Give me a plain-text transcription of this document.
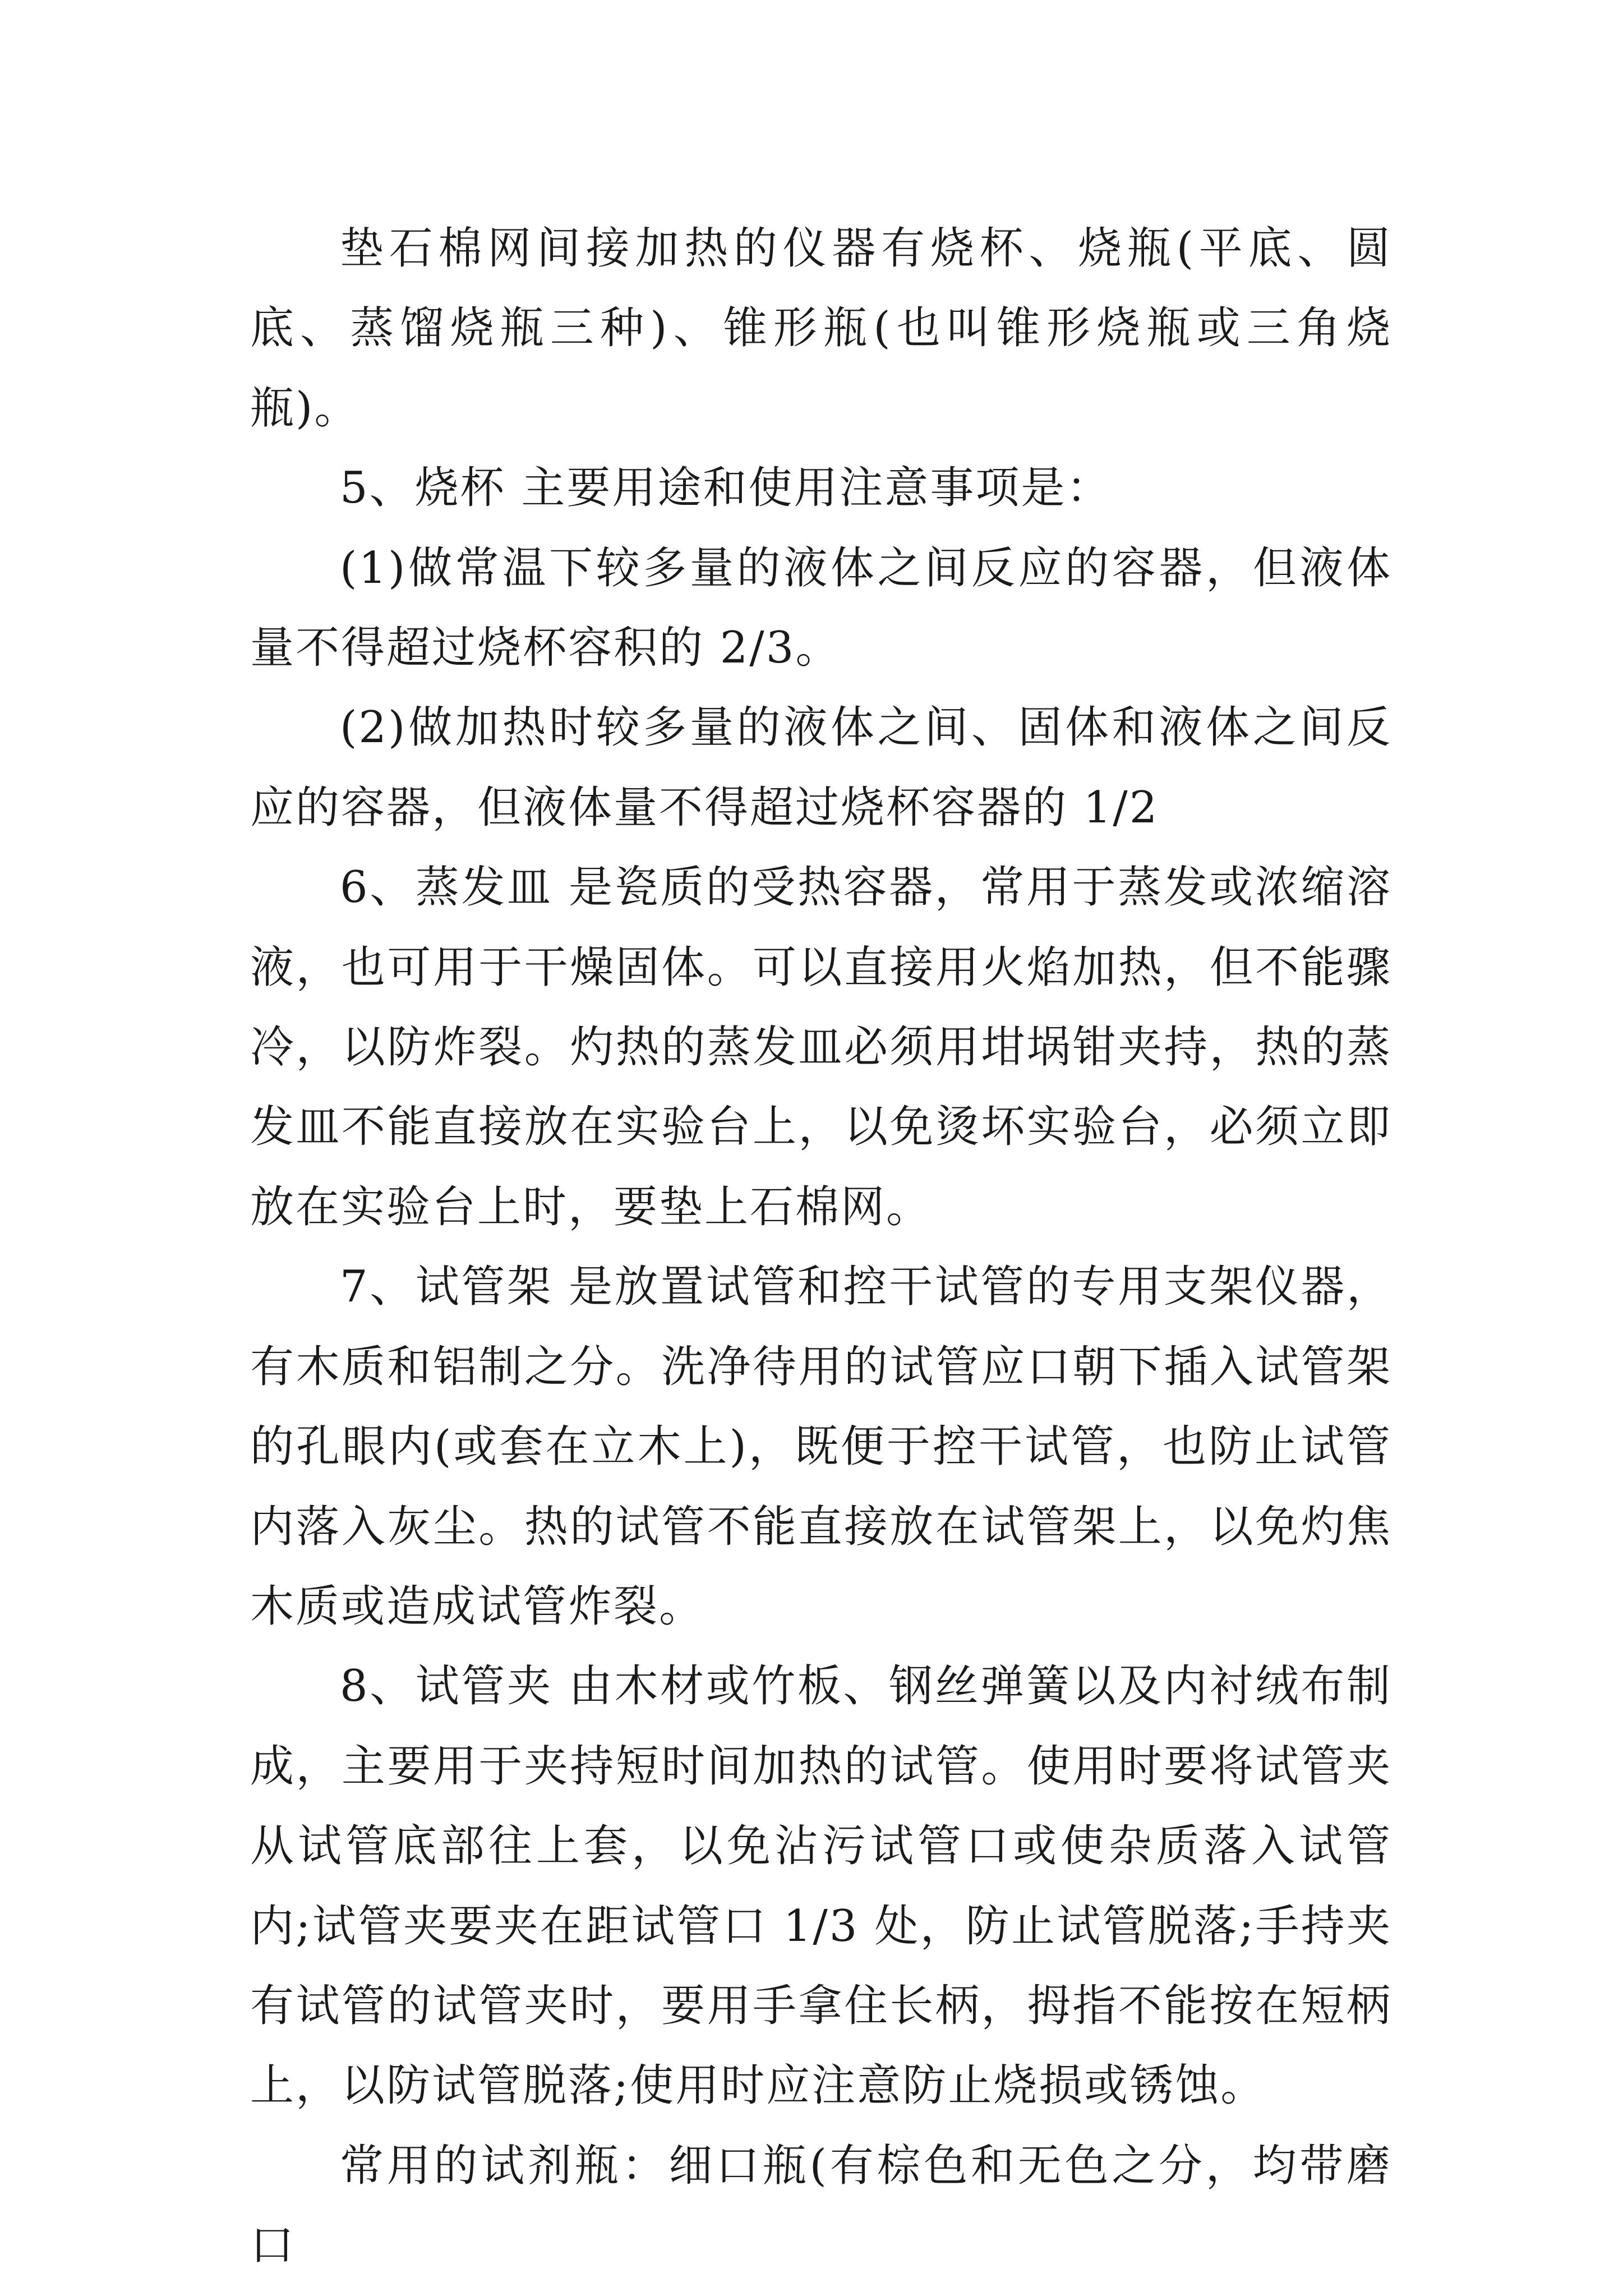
垫石棉网间接加热的仪器有烧杯、烧瓶(平底、圆底、蒸馏烧瓶三种)、锥形瓶(也叫锥形烧瓶或三角烧瓶)。

5、烧杯 主要用途和使用注意事项是：

(1)做常温下较多量的液体之间反应的容器，但液体量不得超过烧杯容积的 2/3。

(2)做加热时较多量的液体之间、固体和液体之间反应的容器，但液体量不得超过烧杯容器的 1/2

6、蒸发皿 是瓷质的受热容器，常用于蒸发或浓缩溶液，也可用于干燥固体。可以直接用火焰加热，但不能骤冷，以防炸裂。灼热的蒸发皿必须用坩埚钳夹持，热的蒸发皿不能直接放在实验台上，以免烫坏实验台，必须立即放在实验台上时，要垫上石棉网。

7、试管架 是放置试管和控干试管的专用支架仪器，有木质和铝制之分。洗净待用的试管应口朝下插入试管架的孔眼内(或套在立木上)，既便于控干试管，也防止试管内落入灰尘。热的试管不能直接放在试管架上，以免灼焦木质或造成试管炸裂。

8、试管夹 由木材或竹板、钢丝弹簧以及内衬绒布制成，主要用于夹持短时间加热的试管。使用时要将试管夹从试管底部往上套，以免沾污试管口或使杂质落入试管内;试管夹要夹在距试管口 1/3 处，防止试管脱落;手持夹有试管的试管夹时，要用手拿住长柄，拇指不能按在短柄上，以防试管脱落;使用时应注意防止烧损或锈蚀。

常用的试剂瓶：细口瓶(有棕色和无色之分，均带磨口
